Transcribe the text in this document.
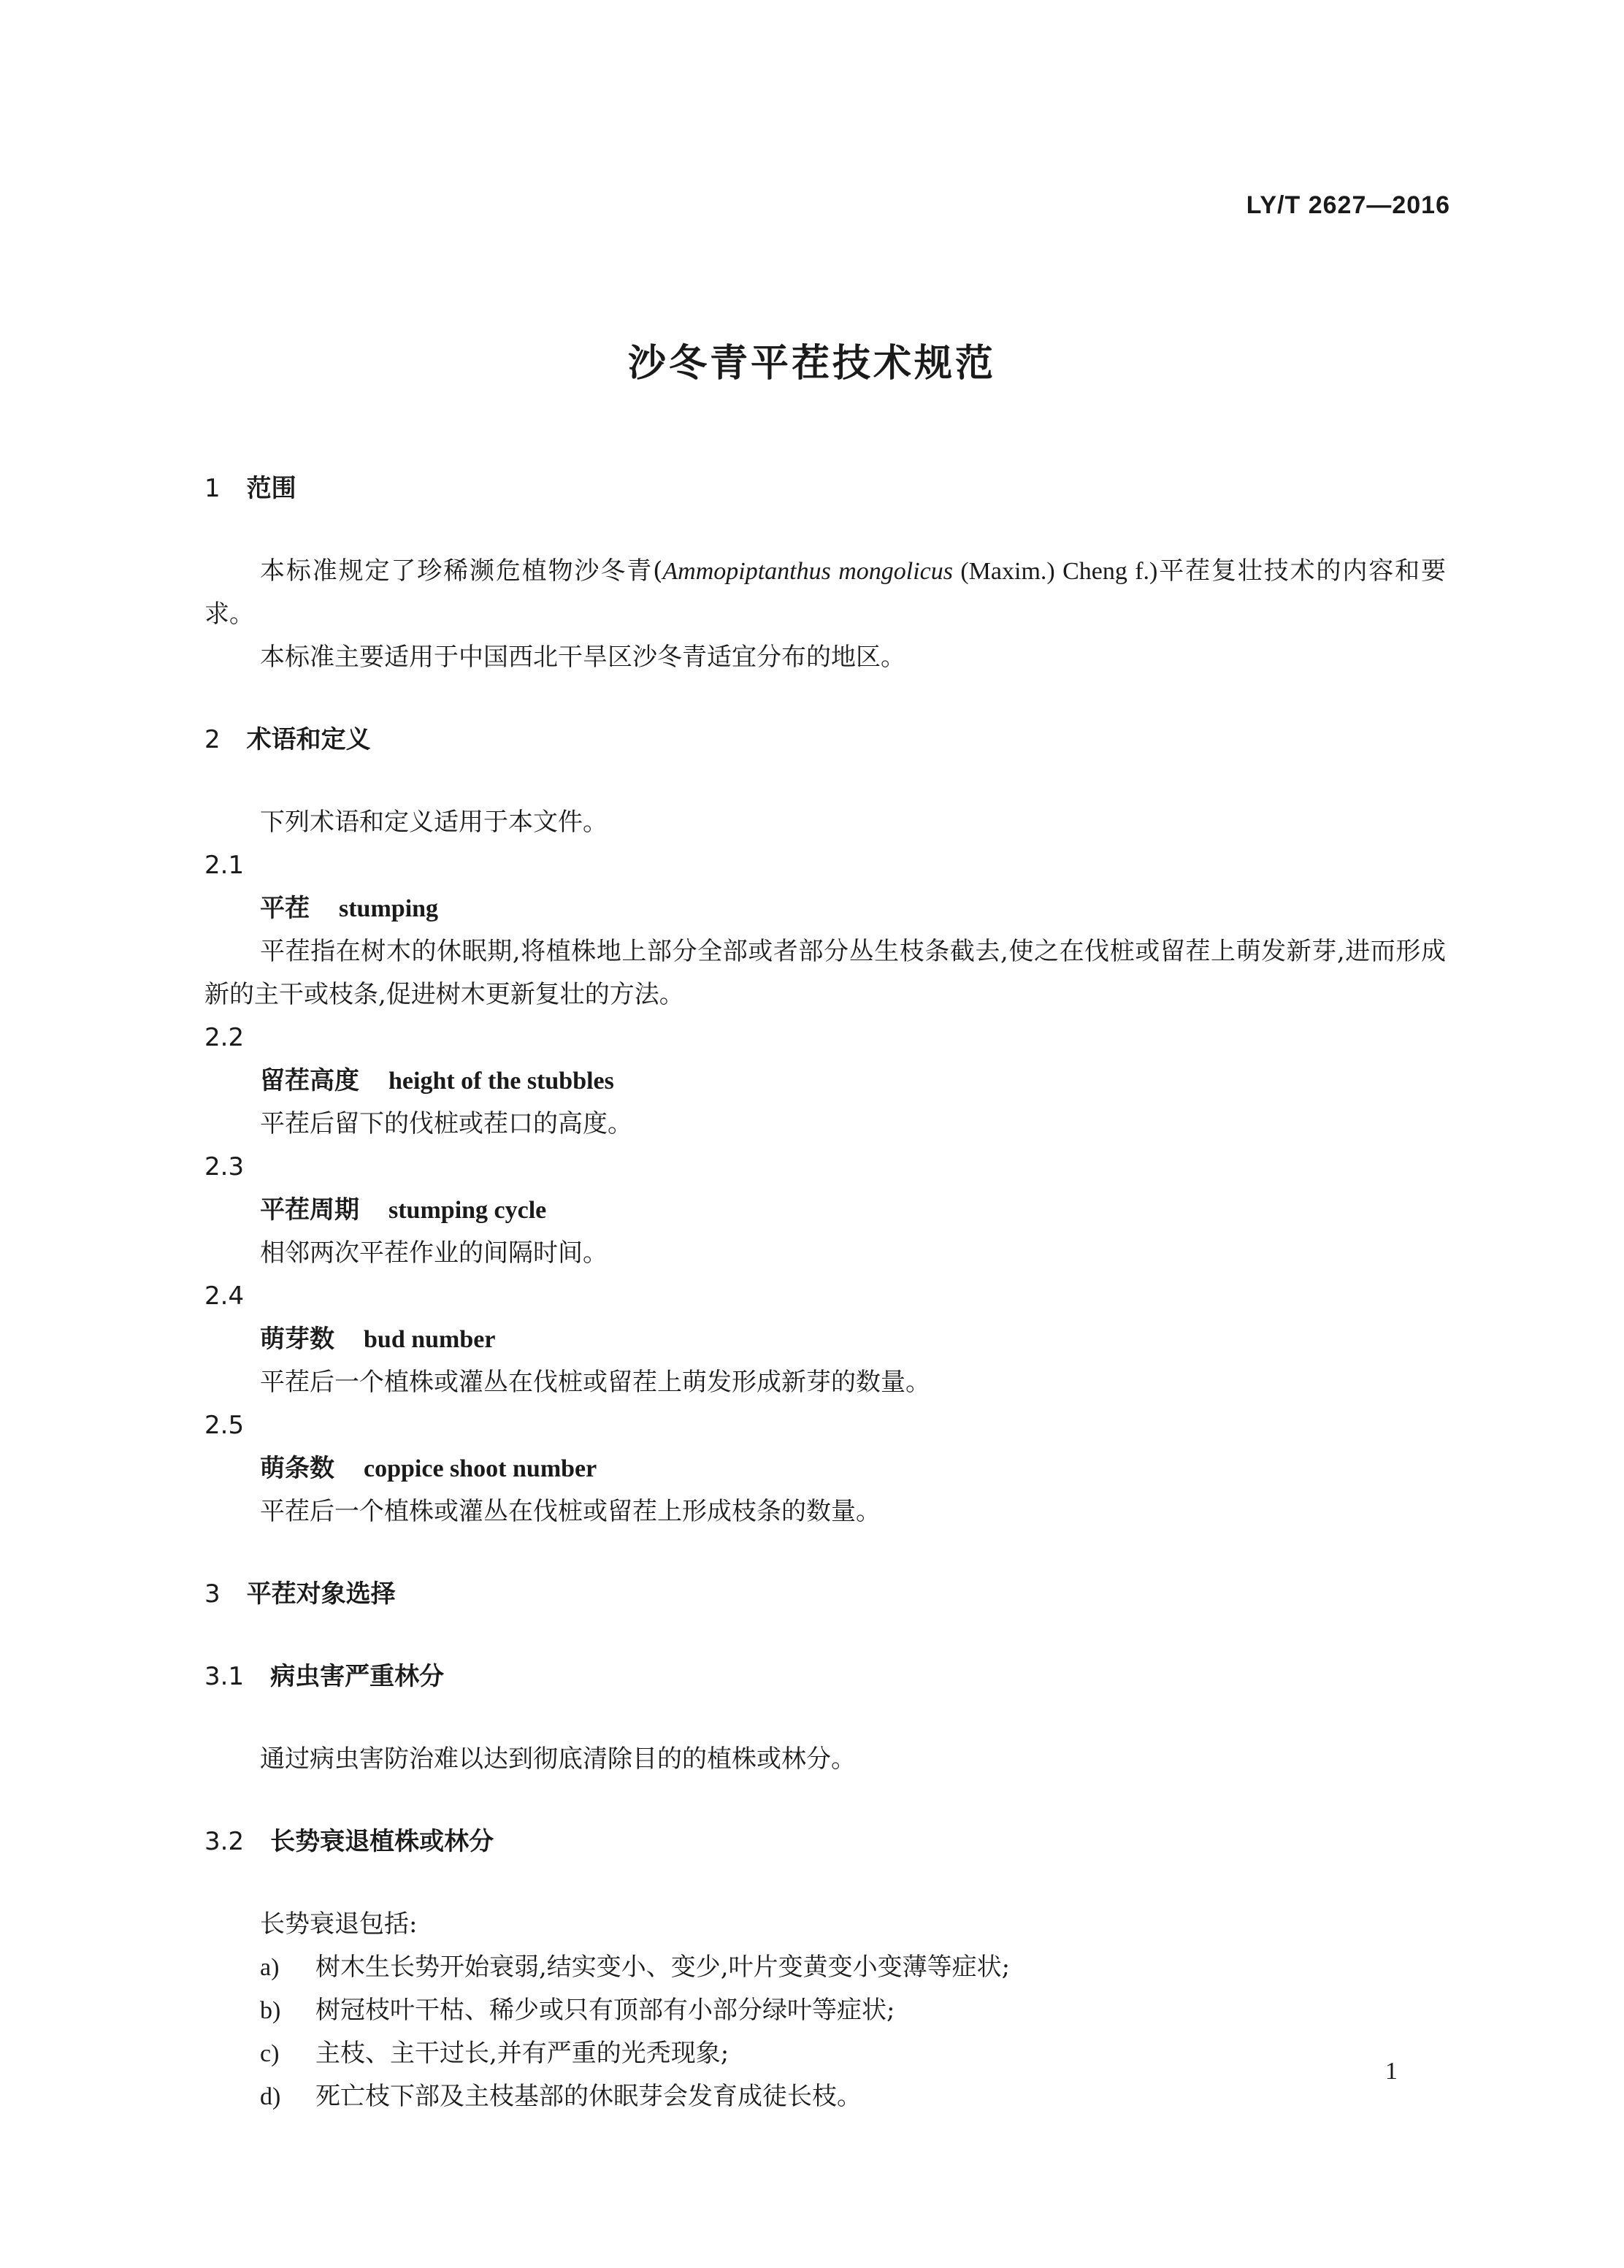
LY/T 2627—2016
沙冬青平茬技术规范
1 范围
本标准规定了珍稀濒危植物沙冬青(Ammopiptanthus mongolicus (Maxim.) Cheng f.)平茬复壮技术的内容和要求。
本标准主要适用于中国西北干旱区沙冬青适宜分布的地区。
2 术语和定义
下列术语和定义适用于本文件。
2.1
平茬 stumping
平茬指在树木的休眠期,将植株地上部分全部或者部分丛生枝条截去,使之在伐桩或留茬上萌发新芽,进而形成新的主干或枝条,促进树木更新复壮的方法。
2.2
留茬高度 height of the stubbles
平茬后留下的伐桩或茬口的高度。
2.3
平茬周期 stumping cycle
相邻两次平茬作业的间隔时间。
2.4
萌芽数 bud number
平茬后一个植株或灌丛在伐桩或留茬上萌发形成新芽的数量。
2.5
萌条数 coppice shoot number
平茬后一个植株或灌丛在伐桩或留茬上形成枝条的数量。
3 平茬对象选择
3.1 病虫害严重林分
通过病虫害防治难以达到彻底清除目的的植株或林分。
3.2 长势衰退植株或林分
长势衰退包括:
a)	树木生长势开始衰弱,结实变小、变少,叶片变黄变小变薄等症状;
b)	树冠枝叶干枯、稀少或只有顶部有小部分绿叶等症状;
c)	主枝、主干过长,并有严重的光秃现象;
d)	死亡枝下部及主枝基部的休眠芽会发育成徒长枝。
1
